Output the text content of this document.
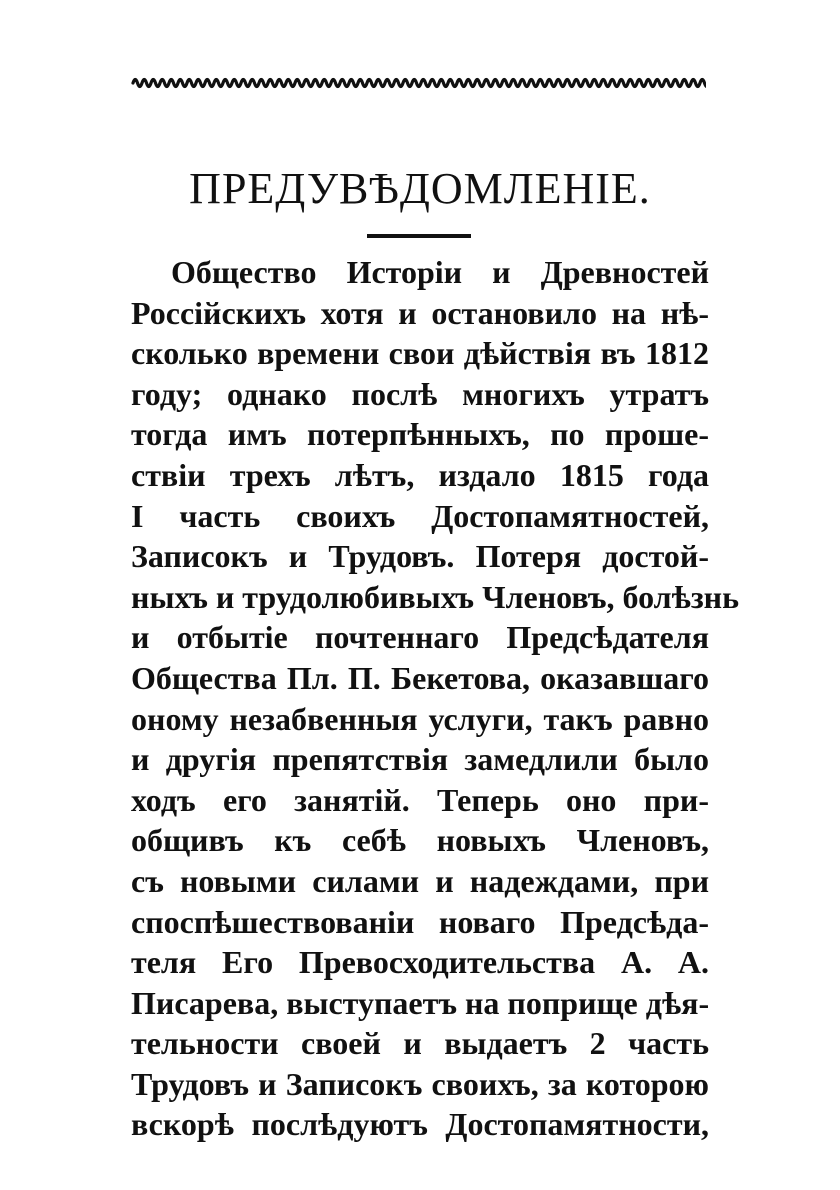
ПРЕДУВѢДОМЛЕНІЕ.
Общество Исторіи и Древностей
Россійскихъ хотя и остановило на нѣ-
сколько времени свои дѣйствія въ 1812
году; однако послѣ многихъ утратъ
тогда имъ потерпѣнныхъ, по проше-
ствіи трехъ лѣтъ, издало 1815 года
I часть своихъ Достопамятностей,
Записокъ и Трудовъ. Потеря достой-
ныхъ и трудолюбивыхъ Членовъ, болѣзнь
и отбытіе почтеннаго Предсѣдателя
Общества Пл. П. Бекетова, оказавшаго
оному незабвенныя услуги, такъ равно
и другія препятствія замедлили было
ходъ его занятій. Теперь оно при-
общивъ къ себѣ новыхъ Членовъ,
съ новыми силами и надеждами, при
споспѣшествованіи новаго Предсѣда-
теля Его Превосходительства А. А.
Писарева, выступаетъ на поприще дѣя-
тельности своей и выдаетъ 2 часть
Трудовъ и Записокъ своихъ, за которою
вскорѣ послѣдуютъ Достопамятности,
